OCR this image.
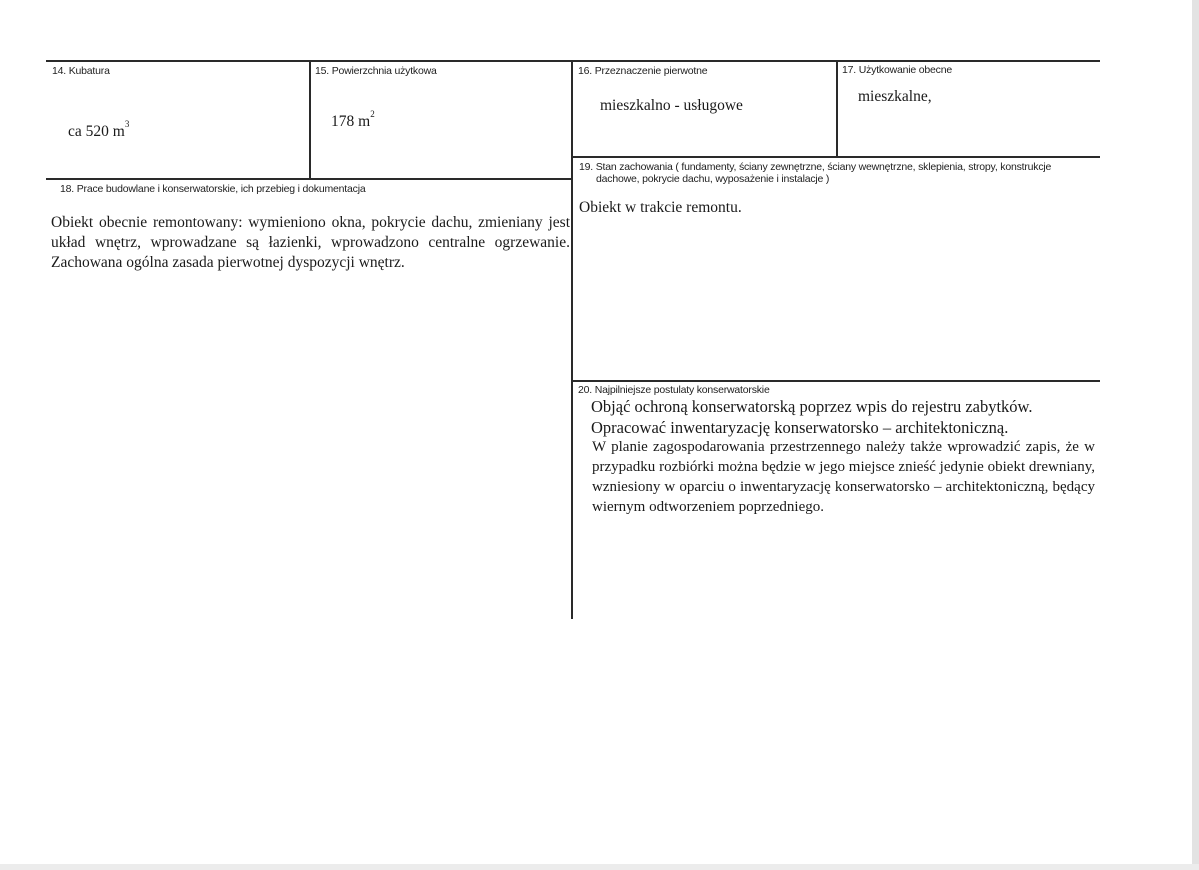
14. Kubatura
ca 520 $m^3$
15. Powierzchnia użytkowa
178 $m^2$
16. Przeznaczenie pierwotne
mieszkalno - usługowe
17. Użytkowanie obecne
mieszkalne,
18. Prace budowlane i konserwatorskie, ich przebieg i dokumentacja
Obiekt obecnie remontowany: wymieniono okna, pokrycie dachu, zmieniany jest układ wnętrz, wprowadzane są łazienki, wprowadzono centralne ogrzewanie. Zachowana ogólna zasada pierwotnej dyspozycji wnętrz.
19. Stan zachowania ( fundamenty, ściany zewnętrzne, ściany wewnętrzne, sklepienia, stropy, konstrukcje
dachowe, pokrycie dachu, wyposażenie i instalacje )
Obiekt w trakcie remontu.
20. Najpilniejsze postulaty konserwatorskie
Objąć ochroną konserwatorską poprzez wpis do rejestru zabytków.
Opracować inwentaryzację konserwatorsko – architektoniczną.
W planie zagospodarowania przestrzennego należy także wprowadzić zapis, że w przypadku rozbiórki można będzie w jego miejsce znieść jedynie obiekt drewniany, wzniesiony w oparciu o inwentaryzację konserwatorsko – architektoniczną, będący wiernym odtworzeniem poprzedniego.
